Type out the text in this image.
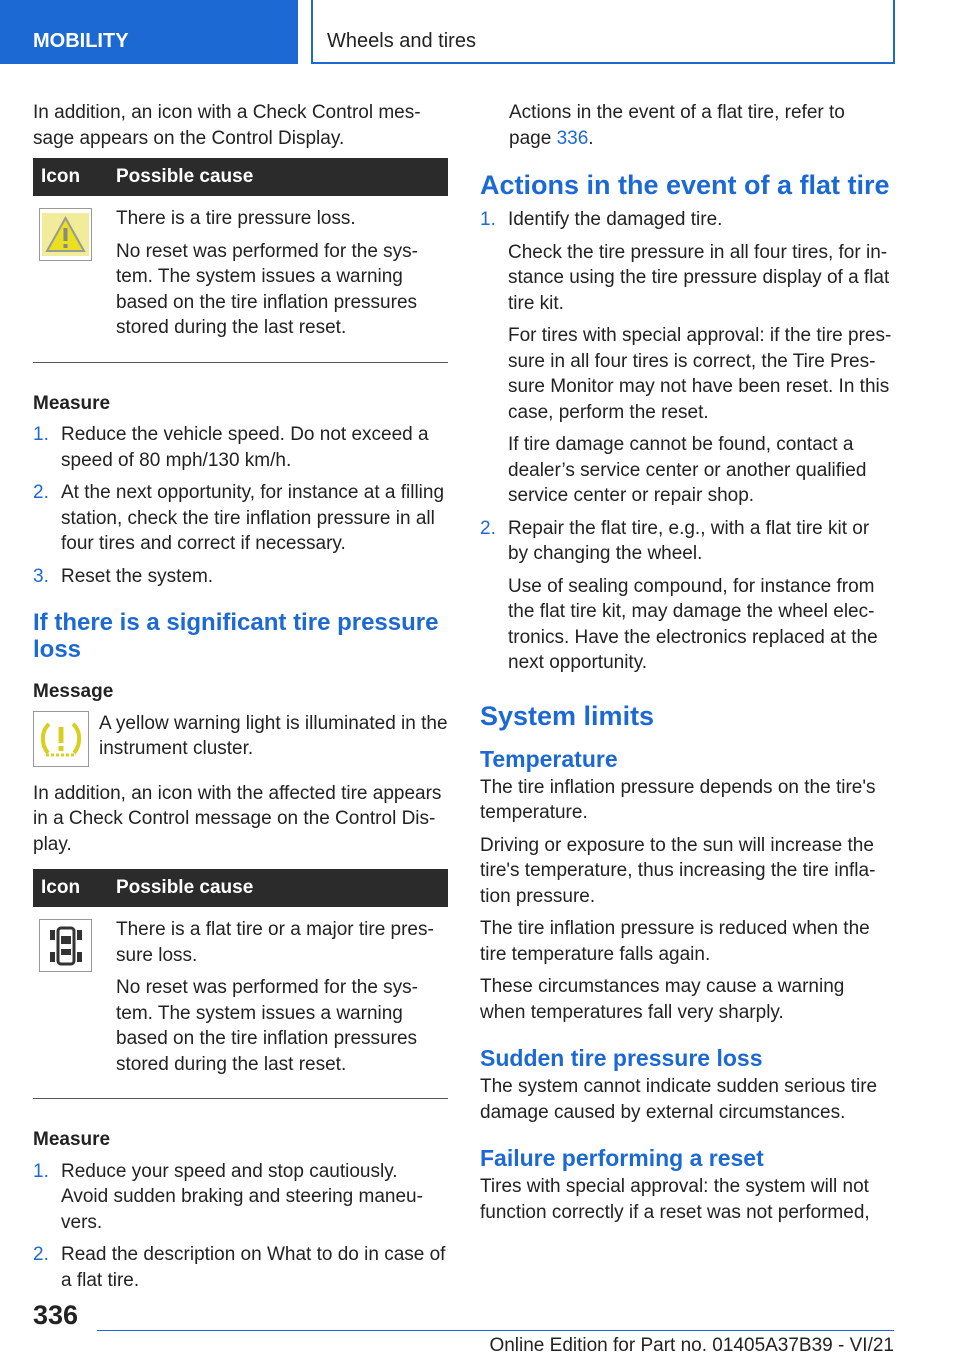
MOBILITY	Wheels and tires

In addition, an icon with a Check Control mes-sage appears on the Control Display.

Icon	Possible cause

There is a tire pressure loss.

No reset was performed for the sys-tem. The system issues a warning based on the tire inflation pressures stored during the last reset.

Measure
1. Reduce the vehicle speed. Do not exceed a speed of 80 mph/130 km/h.
2. At the next opportunity, for instance at a filling station, check the tire inflation pressure in all four tires and correct if necessary.
3. Reset the system.
If there is a significant tire pressure loss
Message
A yellow warning light is illuminated in the instrument cluster.

In addition, an icon with the affected tire appears in a Check Control message on the Control Dis-play.

Icon	Possible cause

There is a flat tire or a major tire pres-sure loss.

No reset was performed for the sys-tem. The system issues a warning based on the tire inflation pressures stored during the last reset.

Measure
1. Reduce your speed and stop cautiously. Avoid sudden braking and steering maneu-vers.
2. Read the description on What to do in case of a flat tire.

Actions in the event of a flat tire, refer to page 336.

Actions in the event of a flat tire
1. Identify the damaged tire.

Check the tire pressure in all four tires, for in-stance using the tire pressure display of a flat tire kit.

For tires with special approval: if the tire pres-sure in all four tires is correct, the Tire Pres-sure Monitor may not have been reset. In this case, perform the reset.

If tire damage cannot be found, contact a dealer’s service center or another qualified service center or repair shop.

2. Repair the flat tire, e.g., with a flat tire kit or by changing the wheel.

Use of sealing compound, for instance from the flat tire kit, may damage the wheel elec-tronics. Have the electronics replaced at the next opportunity.

System limits
Temperature

The tire inflation pressure depends on the tire's temperature.

Driving or exposure to the sun will increase the tire's temperature, thus increasing the tire infla-tion pressure.

The tire inflation pressure is reduced when the tire temperature falls again.

These circumstances may cause a warning when temperatures fall very sharply.

Sudden tire pressure loss

The system cannot indicate sudden serious tire damage caused by external circumstances.

Failure performing a reset

Tires with special approval: the system will not function correctly if a reset was not performed,

336
Online Edition for Part no. 01405A37B39 - VI/21
